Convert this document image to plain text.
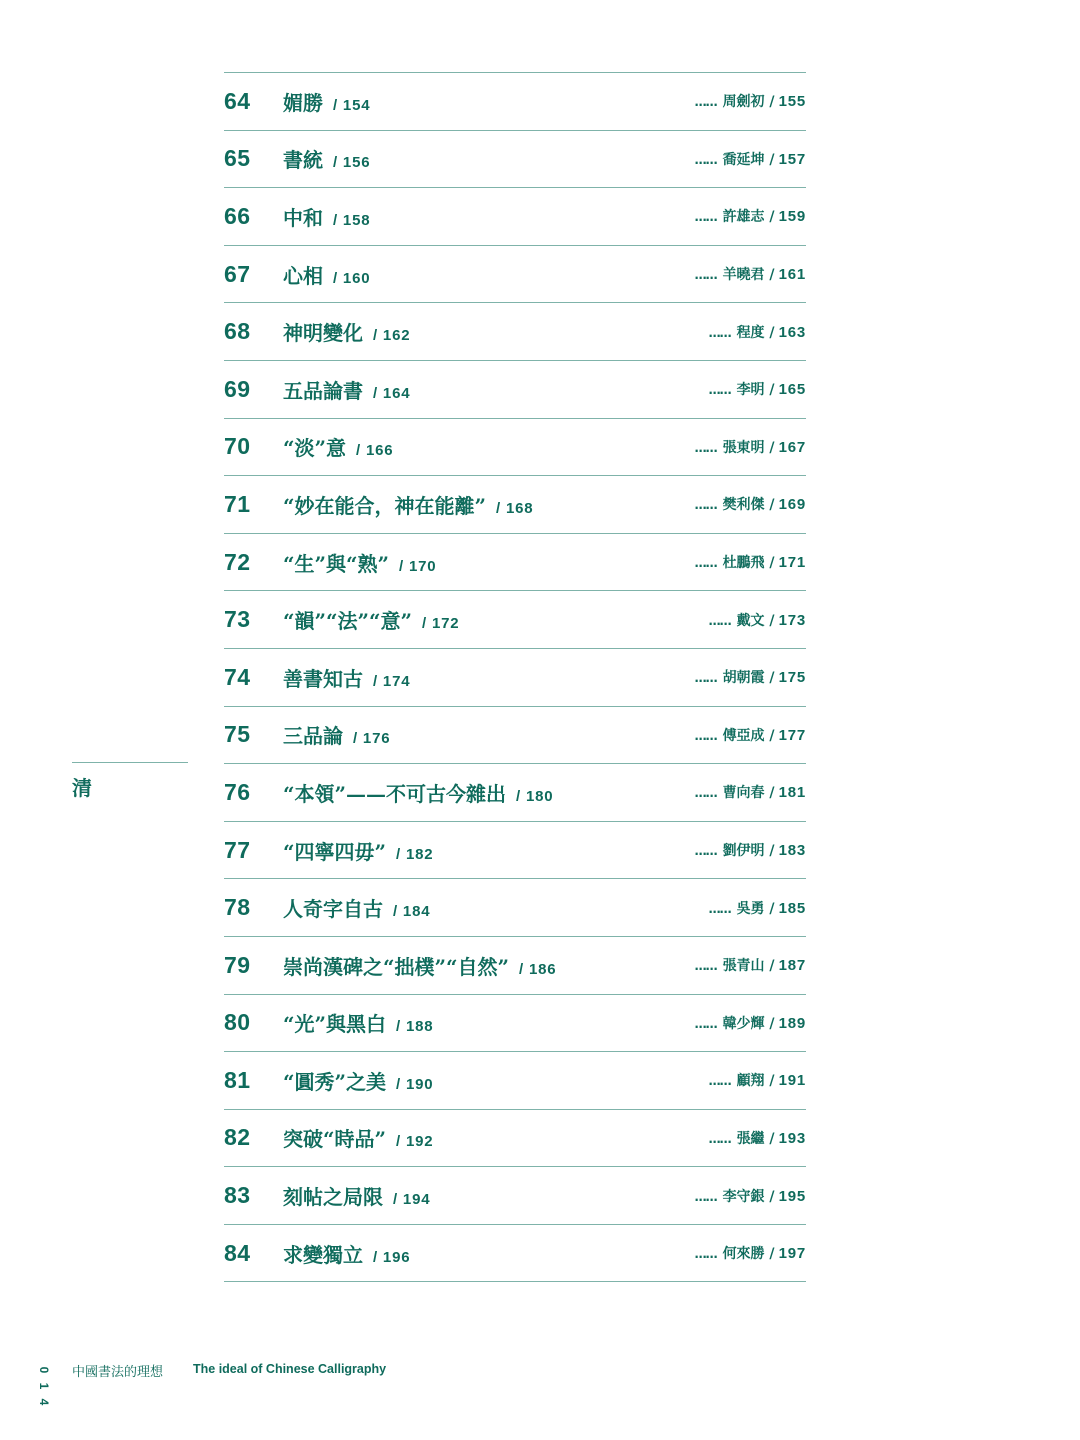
64	媚勝 / 154	…… 周劍初 / 155
65	書統 / 156	…… 喬延坤 / 157
66	中和 / 158	…… 許雄志 / 159
67	心相 / 160	…… 羊曉君 / 161
68	神明變化 / 162	…… 程度 / 163
69	五品論書 / 164	…… 李明 / 165
70	“淡”意 / 166	…… 張東明 / 167
71	“妙在能合，神在能離” / 168	…… 樊利傑 / 169
72	“生”與“熟” / 170	…… 杜鵬飛 / 171
73	“韻”“法”“意” / 172	…… 戴文 / 173
74	善書知古 / 174	…… 胡朝霞 / 175
75	三品論 / 176	…… 傅亞成 / 177
76	“本領”——不可古今雜出 / 180	…… 曹向春 / 181
77	“四寧四毋” / 182	…… 劉伊明 / 183
78	人奇字自古 / 184	…… 吳勇 / 185
79	崇尚漢碑之“拙樸”“自然” / 186	…… 張青山 / 187
80	“光”與黑白 / 188	…… 韓少輝 / 189
81	“圓秀”之美 / 190	…… 顧翔 / 191
82	突破“時品” / 192	…… 張繼 / 193
83	刻帖之局限 / 194	…… 李守銀 / 195
84	求變獨立 / 196	…… 何來勝 / 197
清
0
1
4
中國書法的理想 The ideal of Chinese Calligraphy
